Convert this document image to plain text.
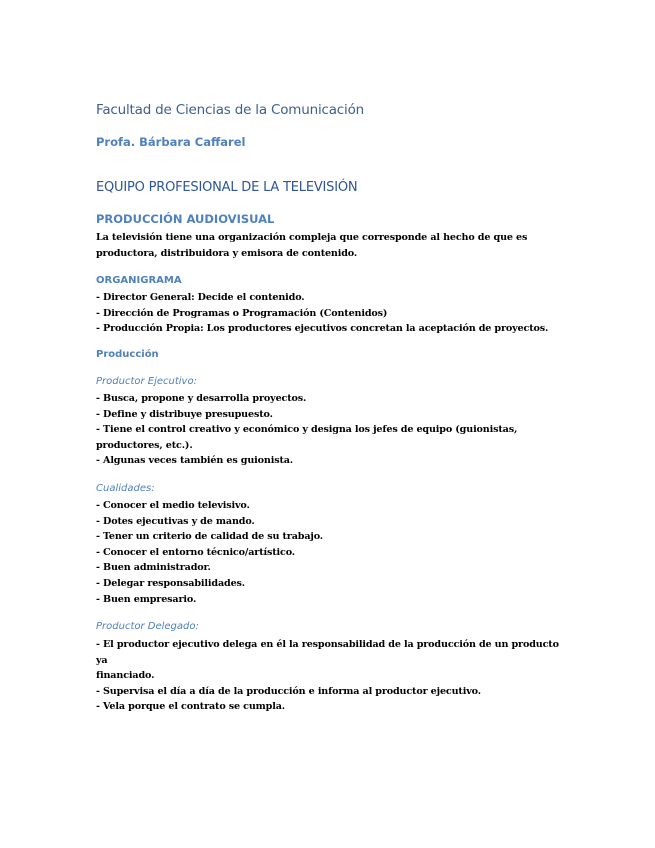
Facultad de Ciencias de la Comunicación
Profa. Bárbara Caffarel
EQUIPO PROFESIONAL DE LA TELEVISIÓN
PRODUCCIÓN AUDIOVISUAL

La televisión tiene una organización compleja que corresponde al hecho de que es

productora, distribuidora y emisora de contenido.

ORGANIGRAMA

- Director General: Decide el contenido.

- Dirección de Programas o Programación (Contenidos)

- Producción Propia: Los productores ejecutivos concretan la aceptación de proyectos.

Producción
Productor Ejecutivo:

- Busca, propone y desarrolla proyectos.

- Define y distribuye presupuesto.

- Tiene el control creativo y económico y designa los jefes de equipo (guionistas,

productores, etc.).

- Algunas veces también es guionista.

Cualidades:

- Conocer el medio televisivo.

- Dotes ejecutivas y de mando.

- Tener un criterio de calidad de su trabajo.

- Conocer el entorno técnico/artístico.

- Buen administrador.

- Delegar responsabilidades.

- Buen empresario.

Productor Delegado:

- El productor ejecutivo delega en él la responsabilidad de la producción de un producto ya

financiado.

- Supervisa el día a día de la producción e informa al productor ejecutivo.

- Vela porque el contrato se cumpla.
